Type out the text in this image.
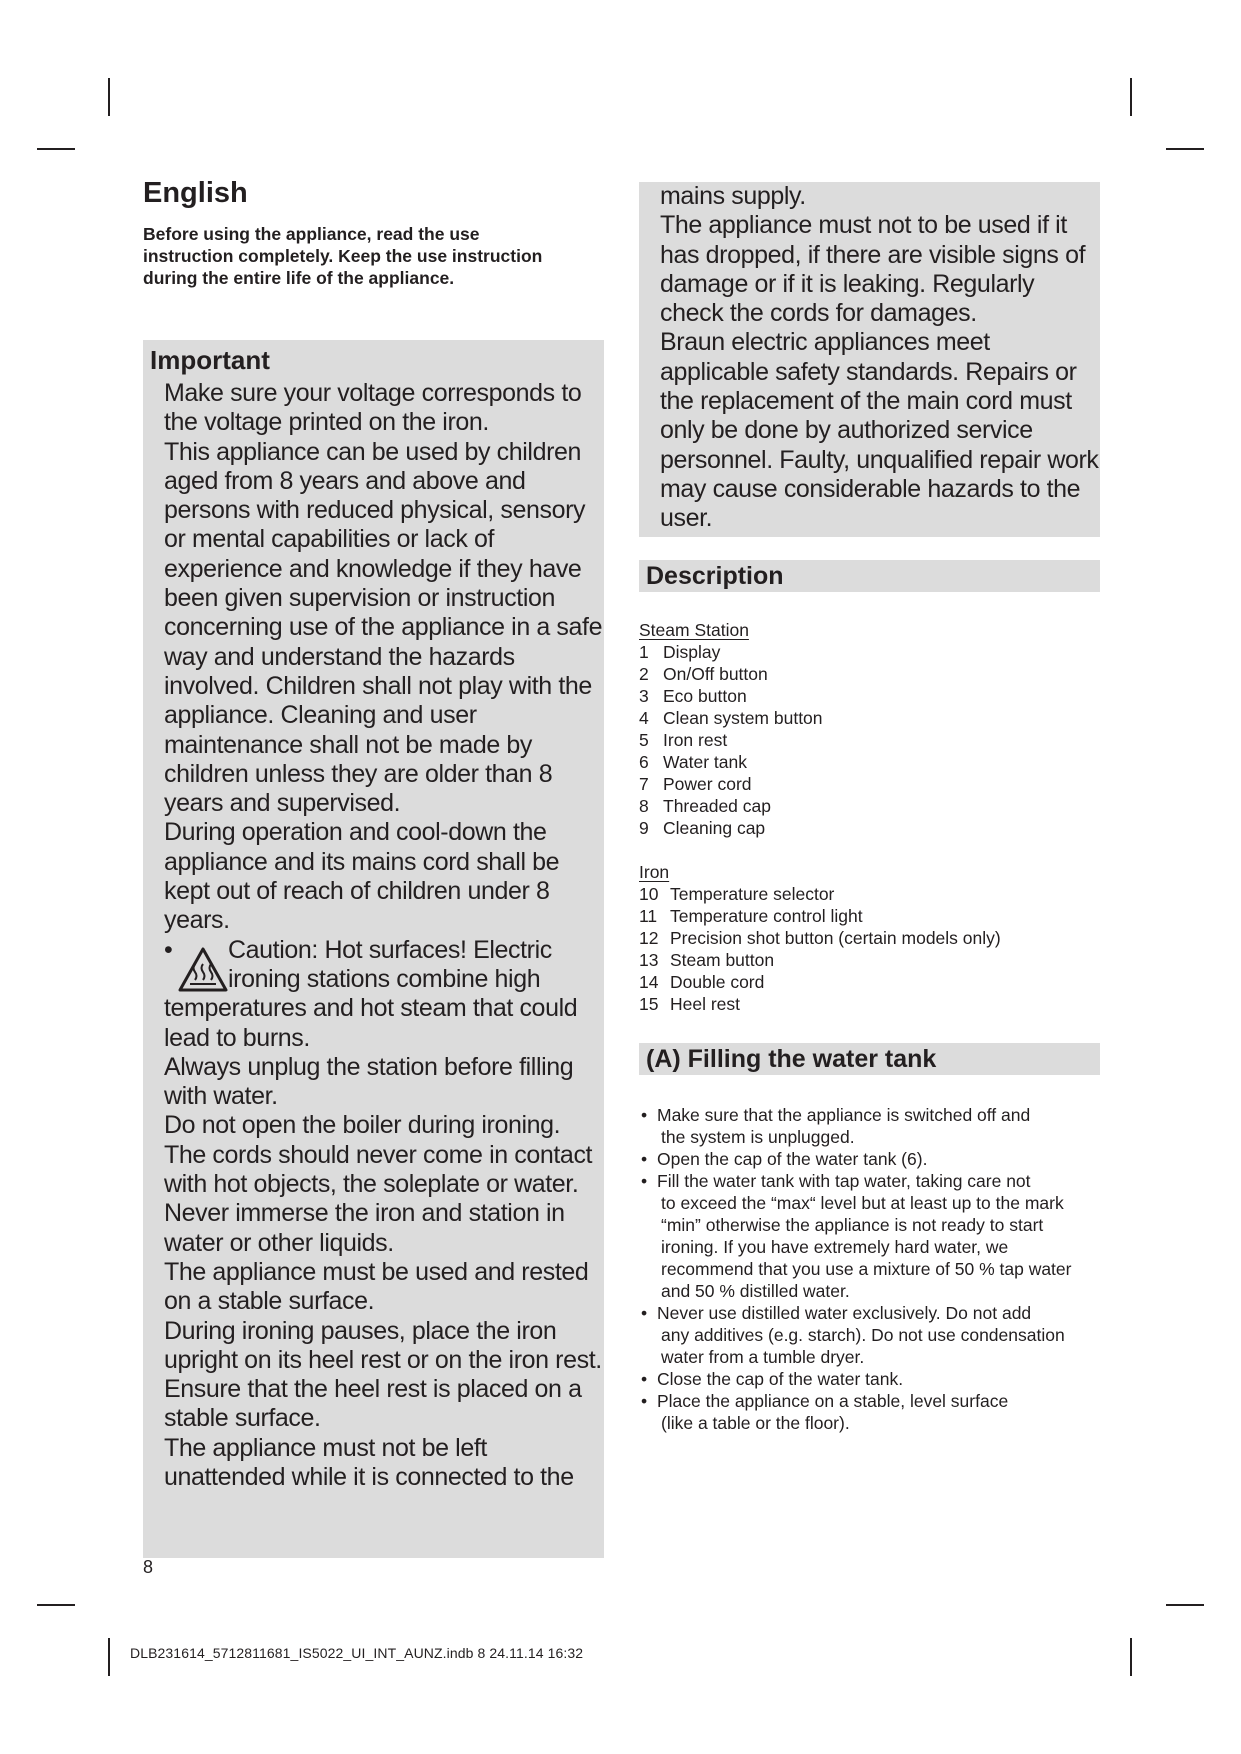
English

Before using the appliance, read the use instruction completely. Keep the use instruction during the entire life of the appliance.

Important

Make sure your voltage corresponds to the voltage printed on the iron.

This appliance can be used by children aged from 8 years and above and persons with reduced physical, sensory or mental capabilities or lack of experience and knowledge if they have been given supervision or instruction concerning use of the appliance in a safe way and understand the hazards involved. Children shall not play with the appliance. Cleaning and user maintenance shall not be made by children unless they are older than 8 years and supervised.

During operation and cool-down the appliance and its mains cord shall be kept out of reach of children under 8 years.

• Caution: Hot surfaces! Electric
ironing stations combine high

temperatures and hot steam that could lead to burns.

Always unplug the station before filling with water.

Do not open the boiler during ironing.

The cords should never come in contact with hot objects, the soleplate or water.

Never immerse the iron and station in water or other liquids.

The appliance must be used and rested on a stable surface.

During ironing pauses, place the iron upright on its heel rest or on the iron rest. Ensure that the heel rest is placed on a stable surface.

The appliance must not be left unattended while it is connected to the

mains supply.

The appliance must not to be used if it has dropped, if there are visible signs of damage or if it is leaking. Regularly check the cords for damages.

Braun electric appliances meet applicable safety standards. Repairs or the replacement of the main cord must only be done by authorized service personnel. Faulty, unqualified repair work may cause considerable hazards to the user.

Description
Steam Station
1 Display
2 On/Off button
3 Eco button
4 Clean system button
5 Iron rest
6 Water tank
7 Power cord
8 Threaded cap
9 Cleaning cap
Iron
10 Temperature selector
11 Temperature control light
12 Precision shot button (certain models only)
13 Steam button
14 Double cord
15 Heel rest
(A) Filling the water tank
• Make sure that the appliance is switched off and
the system is unplugged.
• Open the cap of the water tank (6).
• Fill the water tank with tap water, taking care not
to exceed the “max“ level but at least up to the mark “min” otherwise the appliance is not ready to start ironing. If you have extremely hard water, we recommend that you use a mixture of 50 % tap water and 50 % distilled water.
• Never use distilled water exclusively. Do not add
any additives (e.g. starch). Do not use condensation water from a tumble dryer.
• Close the cap of the water tank.
• Place the appliance on a stable, level surface
(like a table or the floor).
8
DLB231614_5712811681_IS5022_UI_INT_AUNZ.indb 8 24.11.14 16:32
